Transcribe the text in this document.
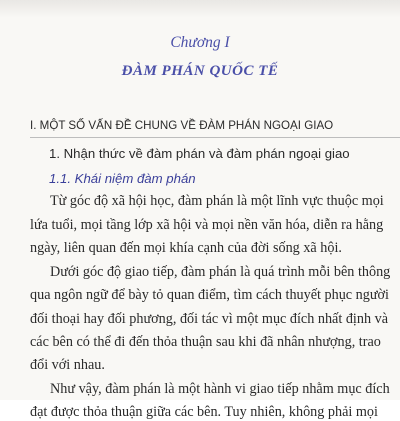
Chương I
ĐÀM PHÁN QUỐC TẾ
I. MỘT SỐ VẤN ĐỀ CHUNG VỀ ĐÀM PHÁN NGOẠI GIAO
1. Nhận thức về đàm phán và đàm phán ngoại giao
1.1. Khái niệm đàm phán
Từ góc độ xã hội học, đàm phán là một lĩnh vực thuộc mọi
lứa tuổi, mọi tầng lớp xã hội và mọi nền văn hóa, diễn ra hằng
ngày, liên quan đến mọi khía cạnh của đời sống xã hội.
Dưới góc độ giao tiếp, đàm phán là quá trình mỗi bên thông
qua ngôn ngữ để bày tỏ quan điểm, tìm cách thuyết phục người
đối thoại hay đối phương, đối tác vì một mục đích nhất định và
các bên có thể đi đến thỏa thuận sau khi đã nhân nhượng, trao
đổi với nhau.
Như vậy, đàm phán là một hành vi giao tiếp nhằm mục đích
đạt được thỏa thuận giữa các bên. Tuy nhiên, không phải mọi
